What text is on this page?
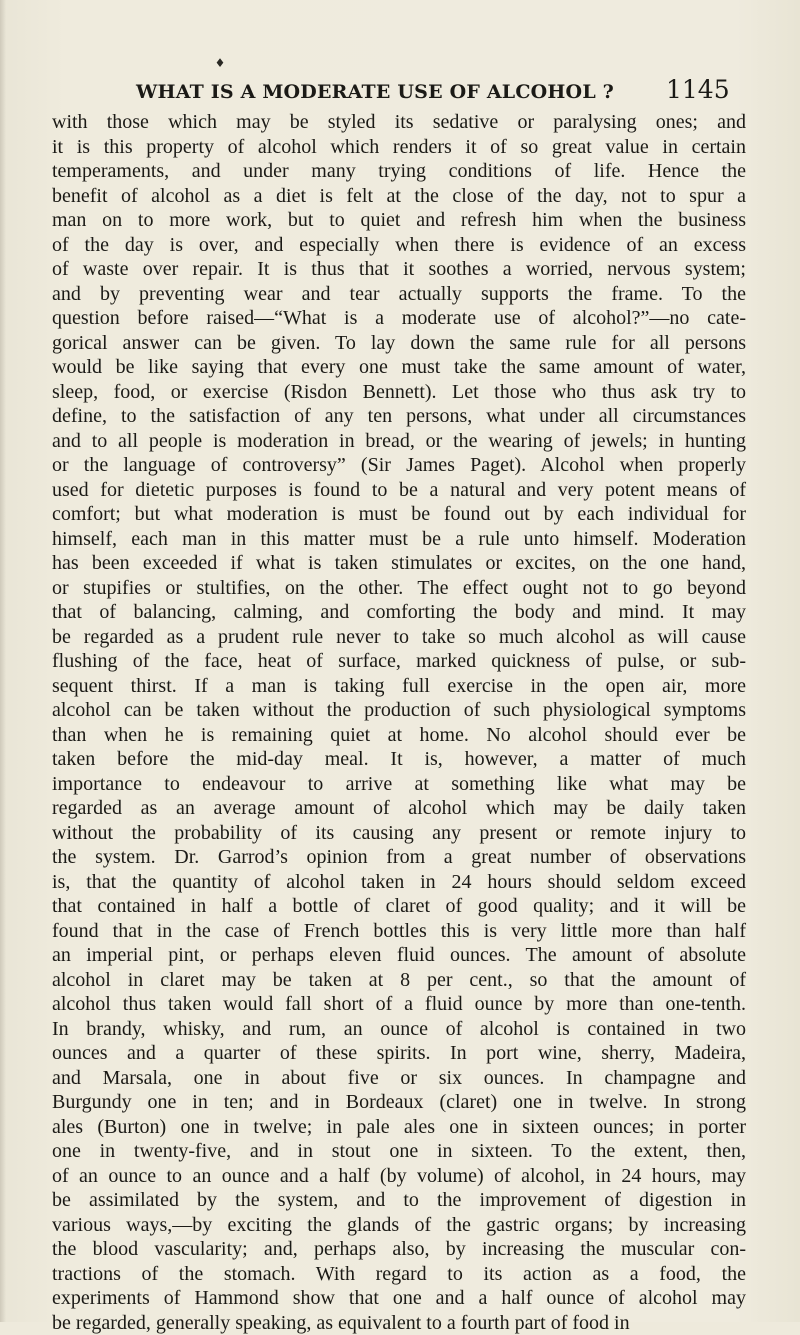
♦
WHAT IS A MODERATE USE OF ALCOHOL ?	1145
with those which may be styled its sedative or paralysing ones; and
it is this property of alcohol which renders it of so great value in certain
temperaments, and under many trying conditions of life. Hence the
benefit of alcohol as a diet is felt at the close of the day, not to spur a
man on to more work, but to quiet and refresh him when the business
of the day is over, and especially when there is evidence of an excess
of waste over repair. It is thus that it soothes a worried, nervous system;
and by preventing wear and tear actually supports the frame. To the
question before raised—“What is a moderate use of alcohol?”—no cate-
gorical answer can be given. To lay down the same rule for all persons
would be like saying that every one must take the same amount of water,
sleep, food, or exercise (Risdon Bennett). Let those who thus ask try to
define, to the satisfaction of any ten persons, what under all circumstances
and to all people is moderation in bread, or the wearing of jewels; in hunting
or the language of controversy” (Sir James Paget). Alcohol when properly
used for dietetic purposes is found to be a natural and very potent means of
comfort; but what moderation is must be found out by each individual for
himself, each man in this matter must be a rule unto himself. Moderation
has been exceeded if what is taken stimulates or excites, on the one hand,
or stupifies or stultifies, on the other. The effect ought not to go beyond
that of balancing, calming, and comforting the body and mind. It may
be regarded as a prudent rule never to take so much alcohol as will cause
flushing of the face, heat of surface, marked quickness of pulse, or sub-
sequent thirst. If a man is taking full exercise in the open air, more
alcohol can be taken without the production of such physiological symptoms
than when he is remaining quiet at home. No alcohol should ever be
taken before the mid-day meal. It is, however, a matter of much
importance to endeavour to arrive at something like what may be
regarded as an average amount of alcohol which may be daily taken
without the probability of its causing any present or remote injury to
the system. Dr. Garrod’s opinion from a great number of observations
is, that the quantity of alcohol taken in 24 hours should seldom exceed
that contained in half a bottle of claret of good quality; and it will be
found that in the case of French bottles this is very little more than half
an imperial pint, or perhaps eleven fluid ounces. The amount of absolute
alcohol in claret may be taken at 8 per cent., so that the amount of
alcohol thus taken would fall short of a fluid ounce by more than one-tenth.
In brandy, whisky, and rum, an ounce of alcohol is contained in two
ounces and a quarter of these spirits. In port wine, sherry, Madeira,
and Marsala, one in about five or six ounces. In champagne and
Burgundy one in ten; and in Bordeaux (claret) one in twelve. In strong
ales (Burton) one in twelve; in pale ales one in sixteen ounces; in porter
one in twenty-five, and in stout one in sixteen. To the extent, then,
of an ounce to an ounce and a half (by volume) of alcohol, in 24 hours, may
be assimilated by the system, and to the improvement of digestion in
various ways,—by exciting the glands of the gastric organs; by increasing
the blood vascularity; and, perhaps also, by increasing the muscular con-
tractions of the stomach. With regard to its action as a food, the
experiments of Hammond show that one and a half ounce of alcohol may
be regarded, generally speaking, as equivalent to a fourth part of food in
